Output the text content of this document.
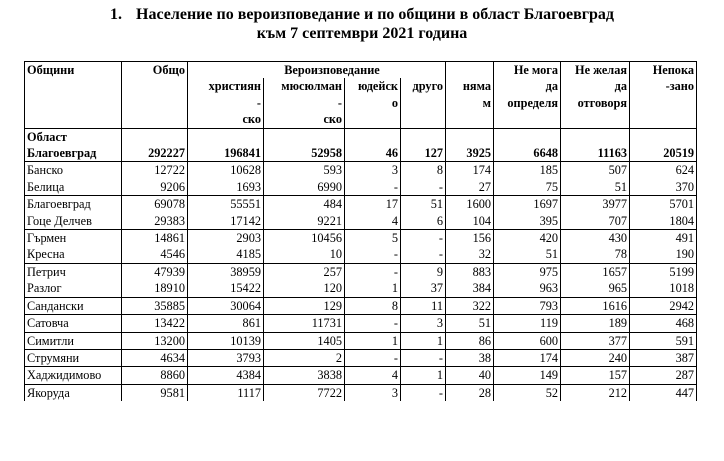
1. Население по вероизповедание и по общини в област Благоевград
към 7 септември 2021 година
Общини	Общо		Вероизповедание				Не мога	Не желая	Непока
		християн	мюсюлман	юдейск	друго	няма	да	да	-зано
		-	-	о		м	определя	отговоря	
		ско	ско						
Област									
Благоевград	292227	196841	52958	46	127	3925	6648	11163	20519
Банско	12722	10628	593	3	8	174	185	507	624
Белица	9206	1693	6990	-	-	27	75	51	370
Благоевград	69078	55551	484	17	51	1600	1697	3977	5701
Гоце Делчев	29383	17142	9221	4	6	104	395	707	1804
Гърмен	14861	2903	10456	5	-	156	420	430	491
Кресна	4546	4185	10	-	-	32	51	78	190
Петрич	47939	38959	257	-	9	883	975	1657	5199
Разлог	18910	15422	120	1	37	384	963	965	1018
Сандански	35885	30064	129	8	11	322	793	1616	2942
Сатовча	13422	861	11731	-	3	51	119	189	468
Симитли	13200	10139	1405	1	1	86	600	377	591
Струмяни	4634	3793	2	-	-	38	174	240	387
Хаджидимово	8860	4384	3838	4	1	40	149	157	287
Якоруда	9581	1117	7722	3	-	28	52	212	447
